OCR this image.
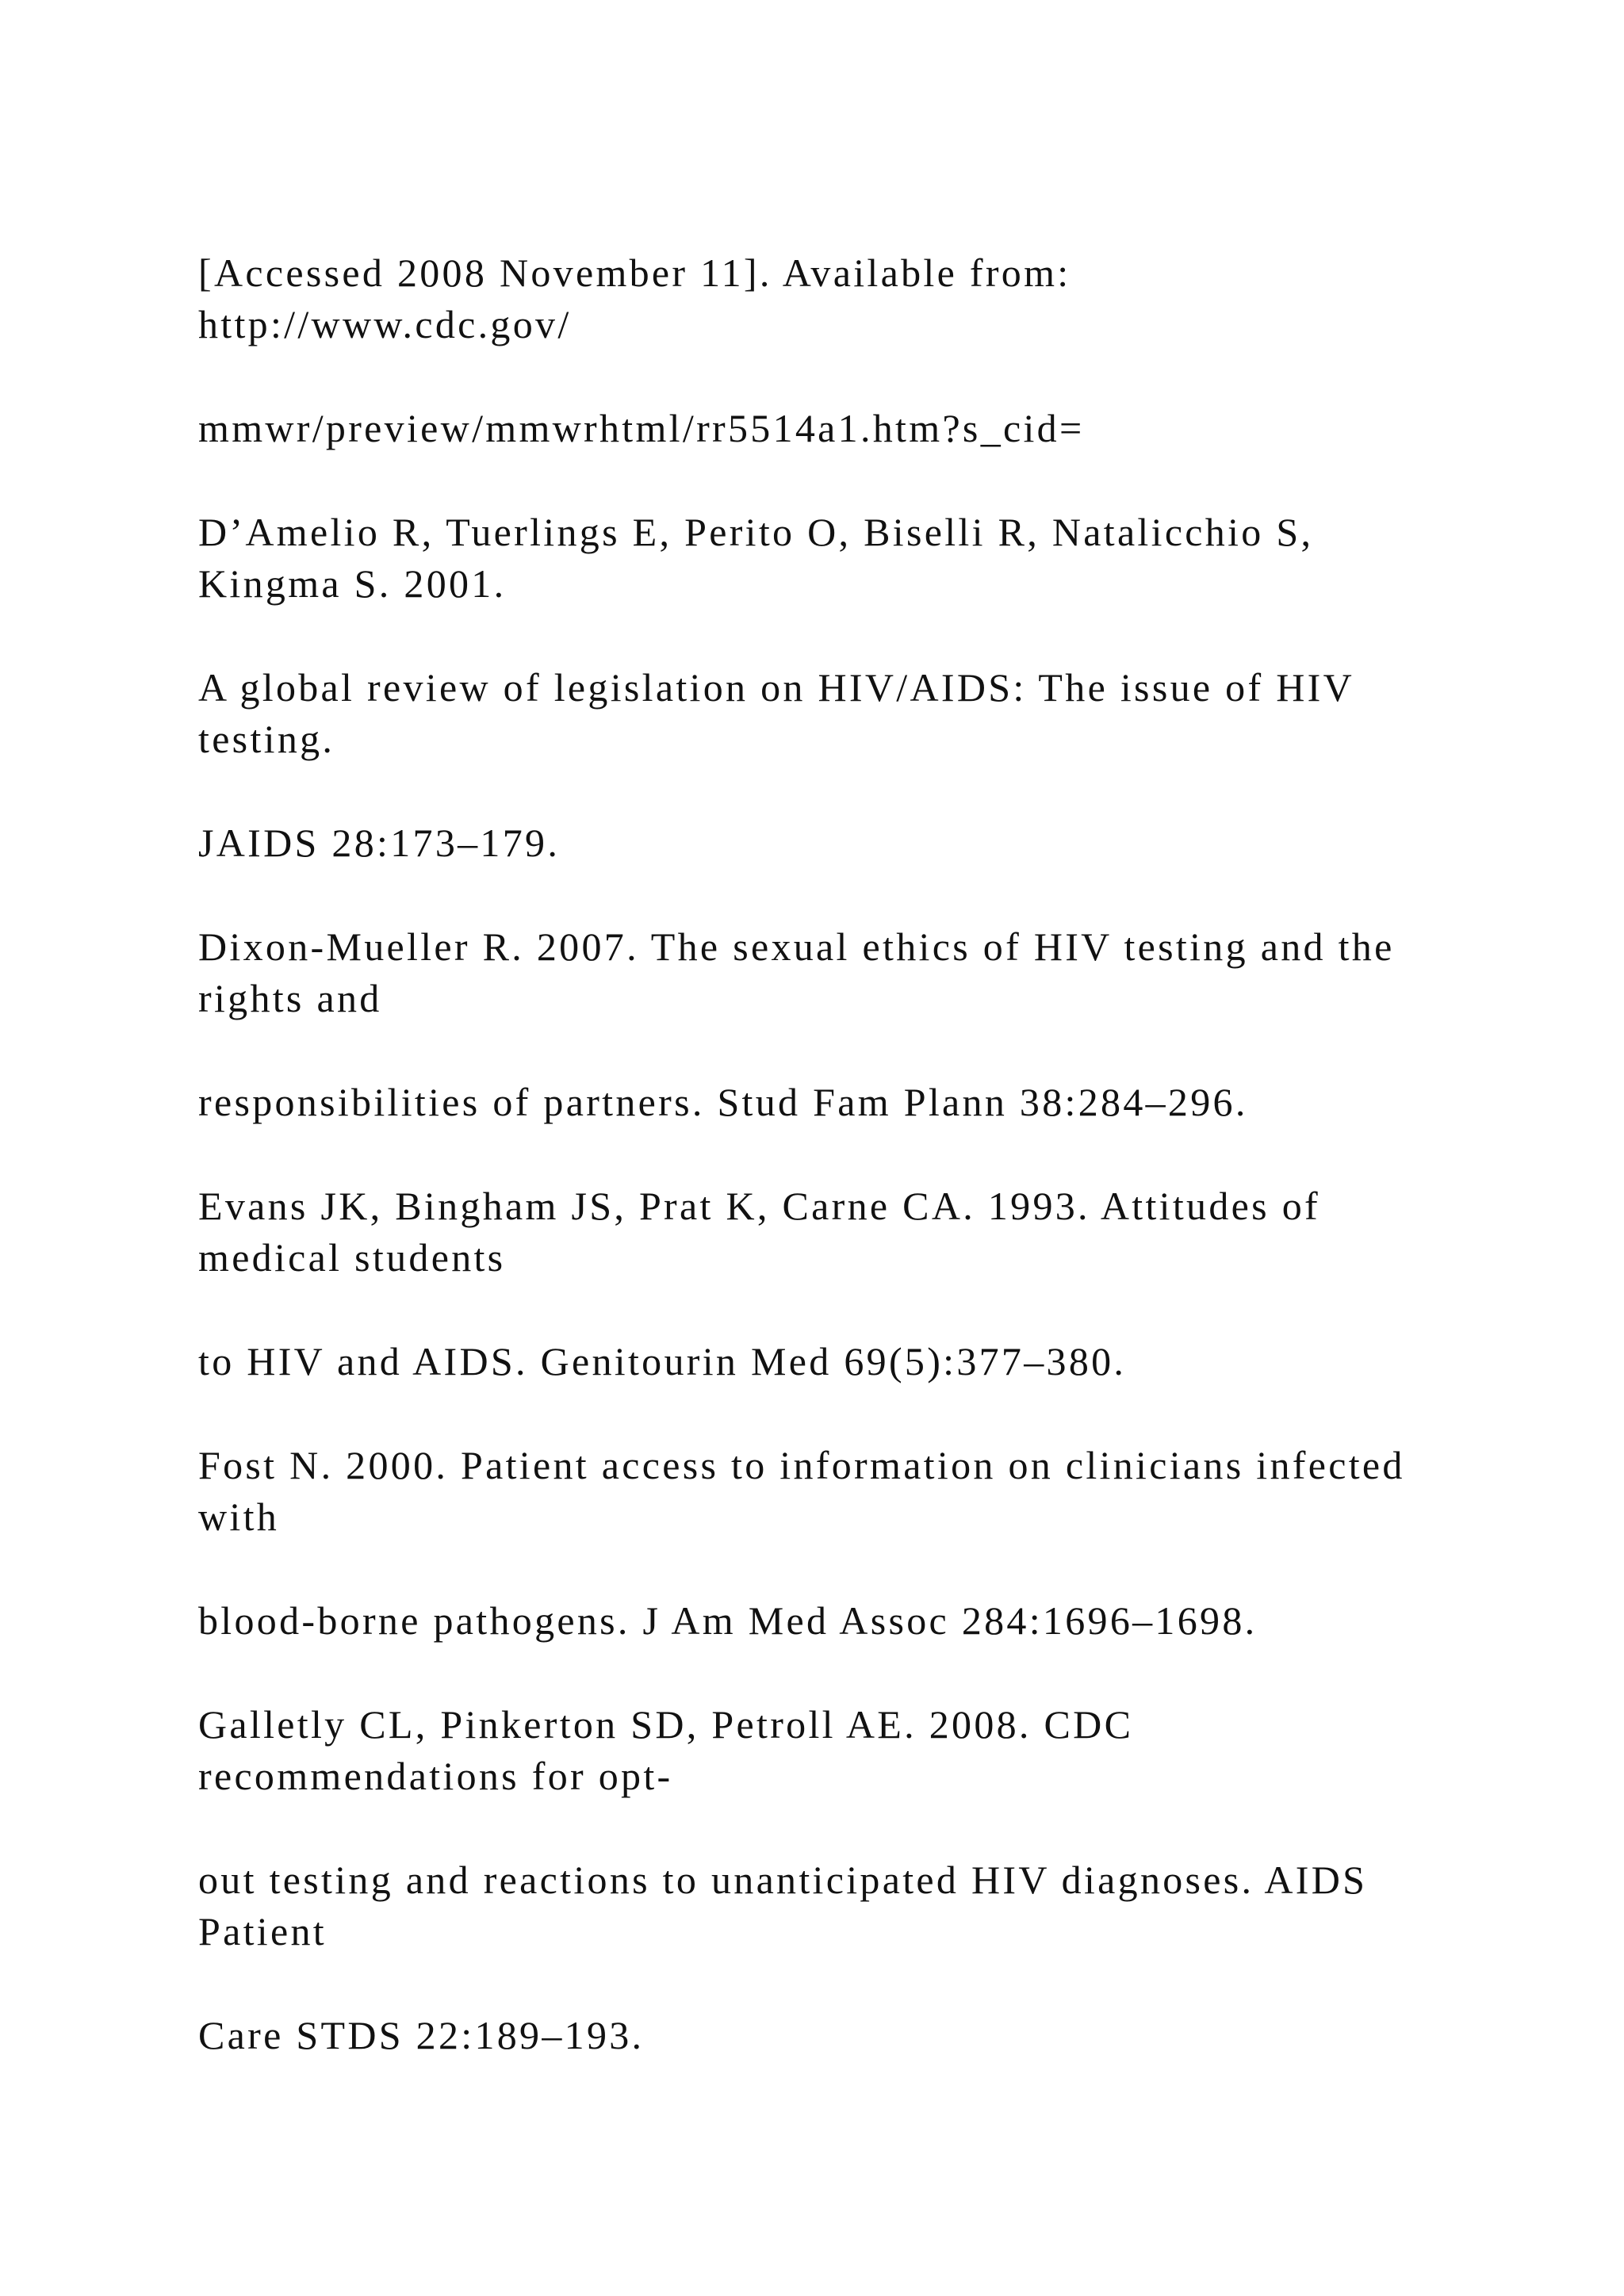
[Accessed 2008 November 11]. Available from: http://www.cdc.gov/

mmwr/preview/mmwrhtml/rr5514a1.htm?s_cid=

D’Amelio R, Tuerlings E, Perito O, Biselli R, Natalicchio S, Kingma S. 2001.

A global review of legislation on HIV/AIDS: The issue of HIV testing.

JAIDS 28:173–179.

Dixon-Mueller R. 2007. The sexual ethics of HIV testing and the rights and

responsibilities of partners. Stud Fam Plann 38:284–296.

Evans JK, Bingham JS, Prat K, Carne CA. 1993. Attitudes of medical students

to HIV and AIDS. Genitourin Med 69(5):377–380.

Fost N. 2000. Patient access to information on clinicians infected with

blood-borne pathogens. J Am Med Assoc 284:1696–1698.

Galletly CL, Pinkerton SD, Petroll AE. 2008. CDC recommendations for opt-

out testing and reactions to unanticipated HIV diagnoses. AIDS Patient

Care STDS 22:189–193.
